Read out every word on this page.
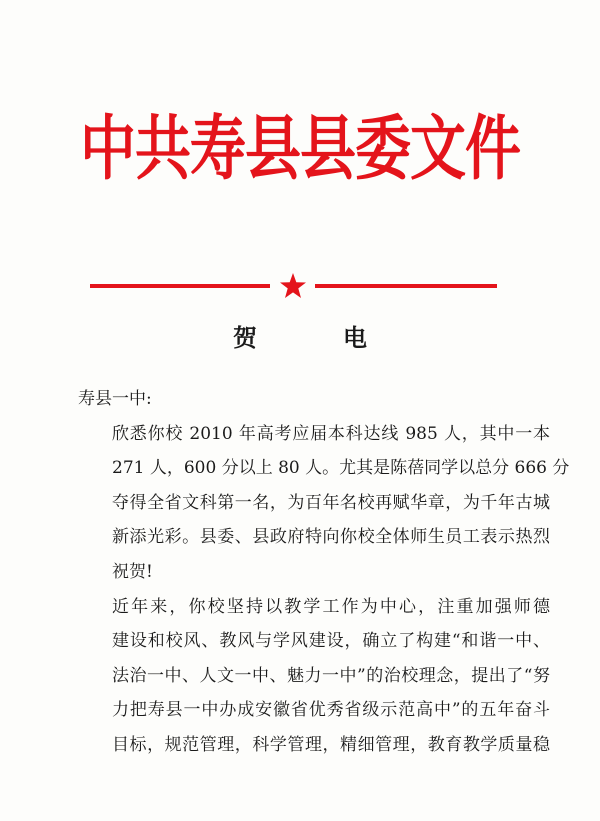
中共寿县县委文件
贺	电

寿县一中:

欣悉你校 2010 年高考应届本科达线 985 人，其中一本
271 人，600 分以上 80 人。尤其是陈蓓同学以总分 666 分
夺得全省文科第一名，为百年名校再赋华章，为千年古城
新添光彩。县委、县政府特向你校全体师生员工表示热烈
祝贺!

近年来，你校坚持以教学工作为中心，注重加强师德
建设和校风、教风与学风建设，确立了构建“和谐一中、
法治一中、人文一中、魅力一中”的治校理念，提出了“努
力把寿县一中办成安徽省优秀省级示范高中”的五年奋斗
目标，规范管理，科学管理，精细管理，教育教学质量稳
